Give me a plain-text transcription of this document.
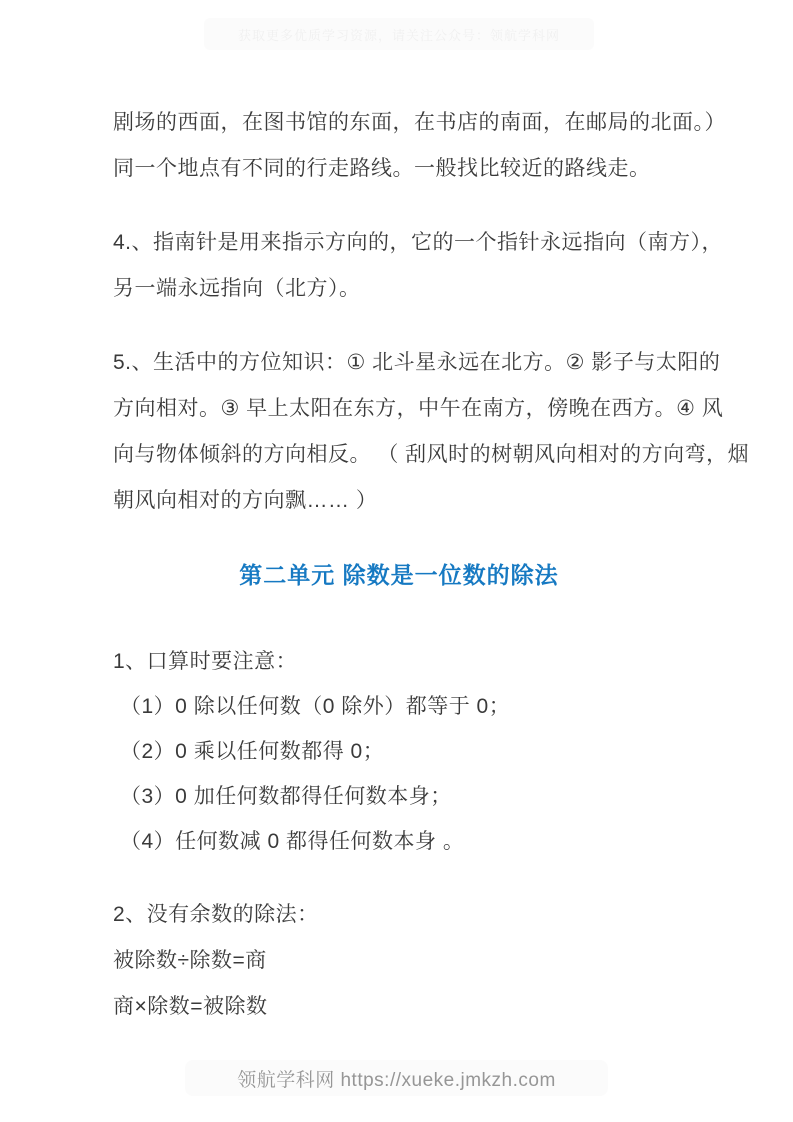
获取更多优质学习资源，请关注公众号：领航学科网
剧场的西面，在图书馆的东面，在书店的南面，在邮局的北面。）
同一个地点有不同的行走路线。一般找比较近的路线走。
4.、指南针是用来指示方向的，它的一个指针永远指向（南方），
另一端永远指向（北方）。
5.、生活中的方位知识：① 北斗星永远在北方。② 影子与太阳的
方向相对。③ 早上太阳在东方，中午在南方，傍晚在西方。④ 风
向与物体倾斜的方向相反。 （ 刮风时的树朝风向相对的方向弯，烟
朝风向相对的方向飘…… ）
第二单元 除数是一位数的除法
1、口算时要注意：
（1）0 除以任何数（0 除外）都等于 0；
（2）0 乘以任何数都得 0；
（3）0 加任何数都得任何数本身；
（4）任何数减 0 都得任何数本身 。
2、没有余数的除法：
被除数÷除数=商
商×除数=被除数
领航学科网 https://xueke.jmkzh.com
